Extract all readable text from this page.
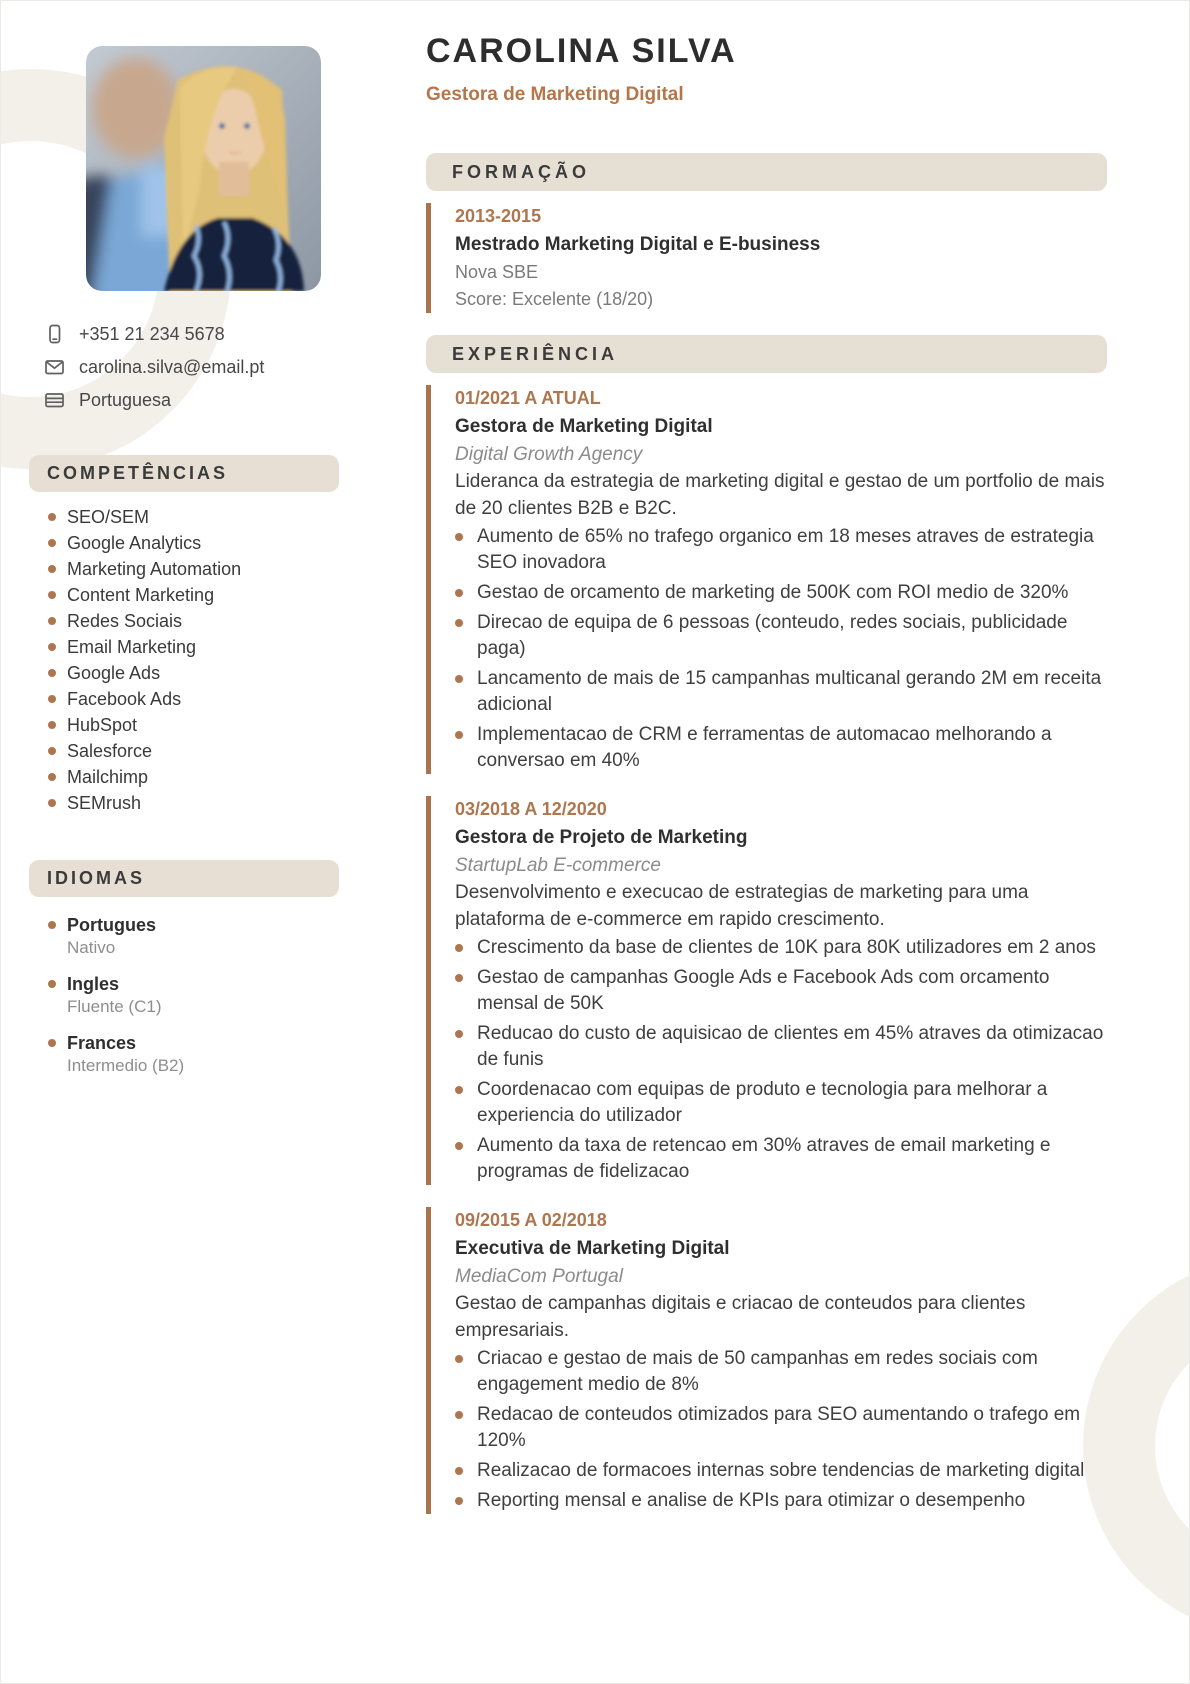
+351 21 234 5678
carolina.silva@email.pt
Portuguesa
COMPETÊNCIAS
SEO/SEM
Google Analytics
Marketing Automation
Content Marketing
Redes Sociais
Email Marketing
Google Ads
Facebook Ads
HubSpot
Salesforce
Mailchimp
SEMrush
IDIOMAS
Portugues
Nativo
Ingles
Fluente (C1)
Frances
Intermedio (B2)
CAROLINA SILVA
Gestora de Marketing Digital
FORMAÇÃO
2013-2015
Mestrado Marketing Digital e E-business
Nova SBE
Score: Excelente (18/20)
EXPERIÊNCIA
01/2021 A ATUAL
Gestora de Marketing Digital
Digital Growth Agency
Lideranca da estrategia de marketing digital e gestao de um portfolio de mais de 20 clientes B2B e B2C.
Aumento de 65% no trafego organico em 18 meses atraves de estrategia SEO inovadora
Gestao de orcamento de marketing de 500K com ROI medio de 320%
Direcao de equipa de 6 pessoas (conteudo, redes sociais, publicidade paga)
Lancamento de mais de 15 campanhas multicanal gerando 2M em receita adicional
Implementacao de CRM e ferramentas de automacao melhorando a conversao em 40%
03/2018 A 12/2020
Gestora de Projeto de Marketing
StartupLab E-commerce
Desenvolvimento e execucao de estrategias de marketing para uma plataforma de e-commerce em rapido crescimento.
Crescimento da base de clientes de 10K para 80K utilizadores em 2 anos
Gestao de campanhas Google Ads e Facebook Ads com orcamento mensal de 50K
Reducao do custo de aquisicao de clientes em 45% atraves da otimizacao de funis
Coordenacao com equipas de produto e tecnologia para melhorar a experiencia do utilizador
Aumento da taxa de retencao em 30% atraves de email marketing e programas de fidelizacao
09/2015 A 02/2018
Executiva de Marketing Digital
MediaCom Portugal
Gestao de campanhas digitais e criacao de conteudos para clientes empresariais.
Criacao e gestao de mais de 50 campanhas em redes sociais com engagement medio de 8%
Redacao de conteudos otimizados para SEO aumentando o trafego em 120%
Realizacao de formacoes internas sobre tendencias de marketing digital
Reporting mensal e analise de KPIs para otimizar o desempenho
